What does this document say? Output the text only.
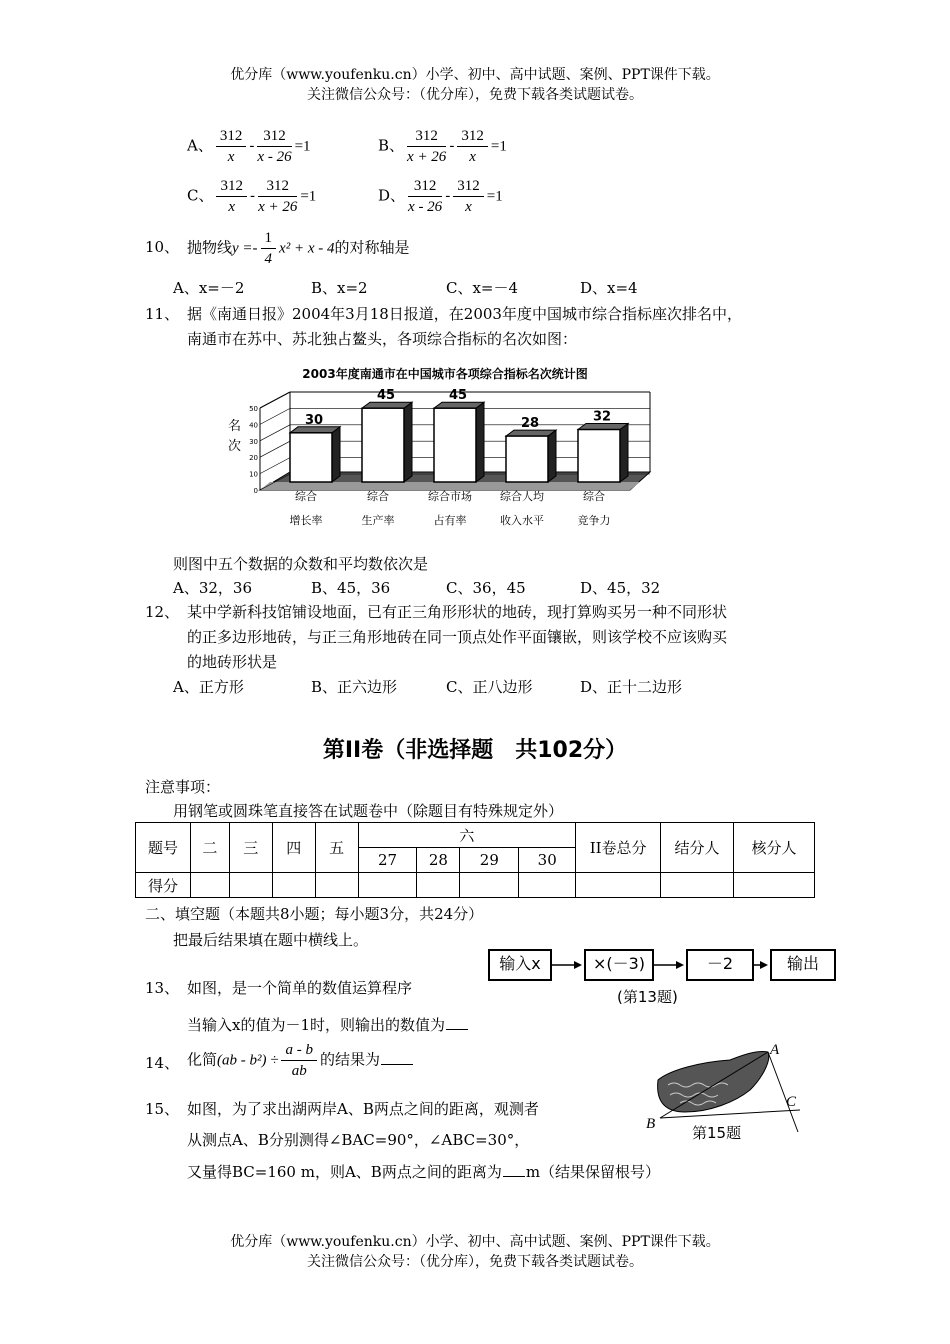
优分库（www.youfenku.cn）小学、初中、高中试题、案例、PPT课件下载。
关注微信公众号：（优分库），免费下载各类试题试卷。
A、 $\frac{312}{x} - \frac{312}{x - 26} =1$	B、 $\frac{312}{x + 26} - \frac{312}{x} =1$
C、 $\frac{312}{x} - \frac{312}{x + 26} =1$	D、 $\frac{312}{x - 26} - \frac{312}{x} =1$
10、 抛物线$y =- \frac{1}{4} x^2 + x - 4$的对称轴是
A、x=－2	B、x=2	C、x=－4	D、x=4
11、 据《南通日报》2004年3月18日报道，在2003年度中国城市综合指标座次排名中，
南通市在苏中、苏北独占鳌头，各项综合指标的名次如图：
2003年度南通市在中国城市各项综合指标名次统计图
名
次
0
10
20
30
40
50
30
45	45
28	32
综合
增长率
综合
生产率
综合市场
占有率
综合人均
收入水平
综合
竞争力
则图中五个数据的众数和平均数依次是
A、32，36	B、45，36	C、36，45	D、45，32
12、 某中学新科技馆铺设地面，已有正三角形形状的地砖，现打算购买另一种不同形状
的正多边形地砖，与正三角形地砖在同一顶点处作平面镶嵌，则该学校不应该购买
的地砖形状是
A、正方形	B、正六边形	C、正八边形	D、正十二边形
第II卷（非选择题　共102分）
注意事项：
用钢笔或圆珠笔直接答在试题卷中（除题目有特殊规定外）
题号	二	三	四	五	六				II卷总分	结分人	核分人
					27	28	29	30			
得分											
二、填空题（本题共8小题；每小题3分，共24分）
把最后结果填在题中横线上。
输入x	×(－3)	－2	输出
(第13题)
13、 如图，是一个简单的数值运算程序
当输入x的值为－1时，则输出的数值为
14、 化简$(ab - b^2) \div \frac{a - b}{ab}$ 的结果为
A
B
C
第15题
15、 如图，为了求出湖两岸A、B两点之间的距离，观测者
从测点A、B分别测得∠BAC=90°，∠ABC=30°，
又量得BC=160 m，则A、B两点之间的距离为 m（结果保留根号）
优分库（www.youfenku.cn）小学、初中、高中试题、案例、PPT课件下载。
关注微信公众号：（优分库），免费下载各类试题试卷。
